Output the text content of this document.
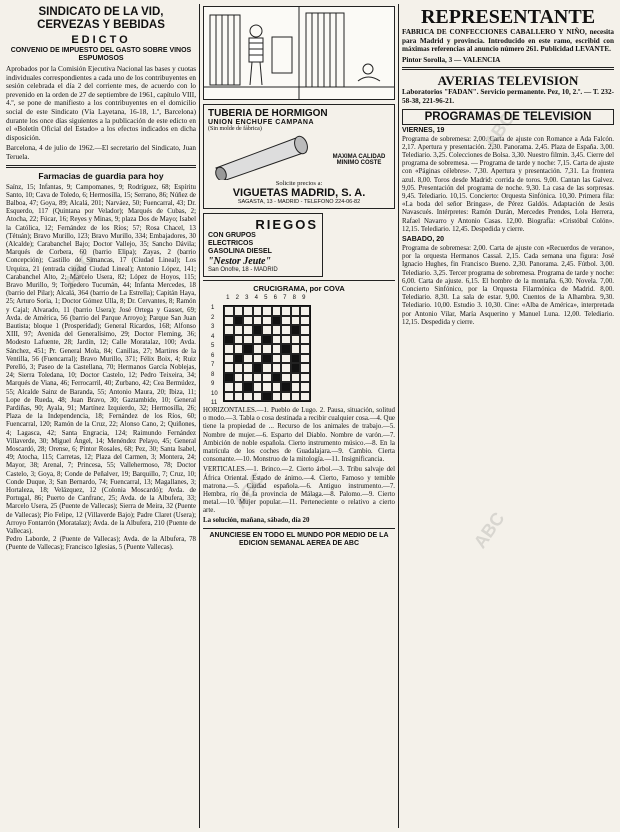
ABC
ABC
ABC
ABC
SINDICATO DE LA VID, CERVEZAS Y BEBIDAS
EDICTO

CONVENIO DE IMPUESTO DEL GASTO SOBRE VINOS ESPUMOSOS

Aprobados por la Comisión Ejecutiva Nacional las bases y cuotas individuales correspondientes a cada uno de los contribuyentes en sesión celebrada el día 2 del corriente mes, de acuerdo con lo prevenido en la orden de 27 de septiembre de 1961, capítulo VIII, 4.º, se pone de manifiesto a los contribuyentes en el domicilio social de este Sindicato (Vía Layetana, 16-18, 1.º, Barcelona) durante los once días siguientes a la publicación de este edicto en el «Boletín Oficial del Estado» a los efectos indicados en dicha disposición.

Barcelona, 4 de julio de 1962.—El secretario del Sindicato, Juan Teruela.

Farmacias de guardia para hoy

Saínz, 15; Infantas, 9; Campomanes, 9; Rodríguez, 68; Espíritu Santo, 10; Cava de Toledo, 6; Hermosilla, 15; Serrano, 86; Núñez de Balboa, 47; Goya, 89; Alcalá, 201; Narváez, 50; Fuencarral, 43; Dr. Esquerdo, 117 (Quintana por Velador); Marqués de Cubas, 2; Atocha, 22; Fúcar, 16; Reyes y Minas, 9; plaza Dos de Mayo; Isabel la Católica, 12; Fernández de los Ríos; 57; Rosa Chacel, 13 (Tétuán); Bravo Murillo, 123; Bravo Murillo, 334; Embajadores, 30 (Alcalde); Carabanchel Bajo; Doctor Vallejo, 35; Sancho Dávila; Marqués de Corbera, 60 (barrio Elipa); Zayas, 2 (barrio Concepción); Castillo de Simancas, 17 (Ciudad Lineal); Los Urquiza, 21 (entrada ciudad Ciudad Lineal); Antonio López, 141; Carabanchel Alto, 2; Marcelo Usera, 82; López de Hoyos, 115; Bravo Murillo, 9; Torpedero Tucumán, 44; Infanta Mercedes, 18 (barrio del Pilar); Alcalá, 364 (barrio de La Estrella); Capitán Haya, 25; Arturo Soria, 1; Doctor Gómez Ulla, 8; Dr. Cervantes, 8; Ramón y Cajal; Alvarado, 11 (barrio Usera); José Ortega y Gasset, 69; Avda. de América, 56 (barrio del Parque Arroyo); Parque San Juan Bautista; bloque 1 (Prosperidad); General Ricardos, 168; Alfonso XIII, 97; Avenida del Generalísimo, 29; Doctor Fleming, 36; Modesto Lafuente, 28; Jardín, 12; Calle Moratalaz, 100; Avda. Sánchez, 451; Pr. General Mola, 84; Canillas, 27; Martires de la Ventilla, 56 (Fuencarral); Bravo Murillo, 371; Félix Boix, 4; Ruiz Perelló, 3; Paseo de la Castellana, 70; Hermanos García Noblejas, 24; Sierra Toledana, 10; Doctor Castelo, 12; Pedro Teixeira, 34; Marqués de Viana, 46; Ferrocarril, 40; Zurbano, 42; Cea Bermúdez, 55; Alcalde Sainz de Baranda, 55; Antonio Maura, 20; Ibiza, 11; Lope de Rueda, 48; Juan Bravo, 30; Gaztambide, 10; General Pardiñas, 90; Ayala, 91; Martínez Izquierdo, 32; Hermosilla, 26; Plaza de la Independencia, 18; Fernández de los Ríos, 60; Fuencarral, 120; Ramón de la Cruz, 22; Alonso Cano, 2; Quiñones, 4; Lagasca, 42; Santa Engracia, 124; Raimundo Fernández Villaverde, 30; Miguel Ángel, 14; Menéndez Pelayo, 45; General Moscardó, 28; Orense, 6; Pintor Rosales, 68; Pez, 30; Santa Isabel, 49; Atocha, 115; Carretas, 12; Plaza del Carmen, 3; Montera, 24; Mayor, 38; Arenal, 7; Princesa, 55; Vallehermoso, 78; Doctor Castelo, 3; Goya, 8; Conde de Peñalver, 19; Barquillo, 7; Cruz, 10; Conde Duque, 3; San Bernardo, 74; Fuencarral, 13; Magallanes, 3; Hortaleza, 18; Velázquez, 12 (Colonia Moscardó); Avda. de Portugal, 86; Puerto de Canfranc, 25; Avda. de la Albufera, 33; Marcelo Usera, 25 (Puente de Vallecas); Sierra de Meira, 32 (Puente de Vallecas); Pío Felipe, 12 (Villaverde Bajo); Padre Claret (Usera); Arroyo Fontarrón (Moratalaz); Avda. de la Albufera, 210 (Puente de Vallecas).

Pedro Laborde, 2 (Puente de Vallecas); Avda. de la Albufera, 78 (Puente de Vallecas); Francisco Iglesias, 5 (Puente Vallecas).

TUBERIA DE HORMIGON
UNION ENCHUFE CAMPANA
(Sin molde de fábrica)
MAXIMA CALIDAD MINIMO COSTE
Solicite precios a:
VIGUETAS MADRID, S. A.
SAGASTA, 13 - MADRID - TELEFONO 224-06-82
RIEGOS
CON GRUPOS
ELECTRICOS
GASOLINA DIESEL
"Nestor Jeute"
San Onofre, 18 - MADRID
CRUCIGRAMA, por COVA
1	2	3	4	5	6	7	8	9
1
2
3
4
5
6
7
8
9
10
11

HORIZONTALES.—1. Pueblo de Lugo. 2. Pausa, situación, solitud o modo.—3. Tabla o cosa destinada a recibir cualquier cosa.—4. Que tiene la propiedad de ... Recurso de los animales de trabajo.—5. Nombre de mujer.—6. Esparto del Diablo. Nombre de varón.—7. Ambición de noble española. Cierto instrumento músico.—8. En la matrícula de los coches de Guadalajara.—9. Cambio. Cierta consonante.—10. Monstruo de la mitología.—11. Insignificancia.

VERTICALES.—1. Brinco.—2. Cierto árbol.—3. Tribu salvaje del África Oriental. Estado de ánimo.—4. Cierto, Famoso y temible matrona.—5. Ciudad española.—6. Antiguo instrumento.—7. Hembra, río de la provincia de Málaga.—8. Palomo.—9. Cierto metal.—10. Mujer popular.—11. Perteneciente o relativo a cierto arte.

La solución, mañana, sábado, día 20

ANUNCIESE EN TODO EL MUNDO POR MEDIO DE LA EDICION SEMANAL AEREA DE ABC

REPRESENTANTE

FABRICA DE CONFECCIONES CABALLERO Y NIÑO, necesita para Madrid y provincia. Introducido en este ramo, escribid con máximas referencias al anuncio número 261. Publicidad LEVANTE.

Pintor Sorolla, 3 — VALENCIA

AVERIAS TELEVISION

Laboratorios "FADAN". Servicio permanente. Pez, 10, 2.º. — T. 232-58-38, 221-96-21.

PROGRAMAS DE TELEVISION
VIERNES, 19

Programa de sobremesa: 2,00. Carta de ajuste con Romance a Ada Falcón. 2,17. Apertura y presentación. 2,30. Panorama. 2,45. Plaza de España. 3,00. Telediario. 3,25. Colecciones de Bolsa. 3,30. Nuestro filmin. 3,45. Cierre del programa de sobremesa. — Programa de tarde y noche: 7,15. Carta de ajuste con «Páginas célebres». 7,30. Apertura y presentación. 7,31. La frontera azul. 8,00. Toros desde Madrid: corrida de toros. 9,00. Cantan las Galvez. 9,05. Presentación del programa de noche. 9,30. La casa de las sorpresas. 9,45. Telediario. 10,15. Concierto: Orquesta Sinfónica. 10,30. Primera fila: «La boda del señor Bringas», de Pérez Galdós. Adaptación de Jesús Navascués. Intérpretes: Ramón Durán, Mercedes Prendes, Lola Herrera, Rafael Navarro y Antonio Casas. 12,00. Biografía: «Cristóbal Colón». 12,15. Telediario. 12,45. Despedida y cierre.

SABADO, 20

Programa de sobremesa: 2,00. Carta de ajuste con «Recuerdos de verano», por la orquesta Hermanos Cassal. 2,15. Cada semana una figura: José Ignacio Hughes, fin Francisco Bueno. 2,30. Panorama. 2,45. Fútbol. 3,00. Telediario. 3,25. Tercer programa de sobremesa. Programa de tarde y noche: 6,00. Carta de ajuste. 6,15. El hombre de la montaña. 6,30. Novela. 7,00. Concierto Sinfónico, por la Orquesta Filarmónica de Madrid. 8,00. Telediario. 8,30. La sala de estar. 9,00. Cuentos de la Alhambra. 9,30. Telediario. 10,00. Estudio 3. 10,30. Cine: «Alba de América», interpretada por Antonio Vilar, María Asquerino y Manuel Luna. 12,00. Telediario. 12,15. Despedida y cierre.
